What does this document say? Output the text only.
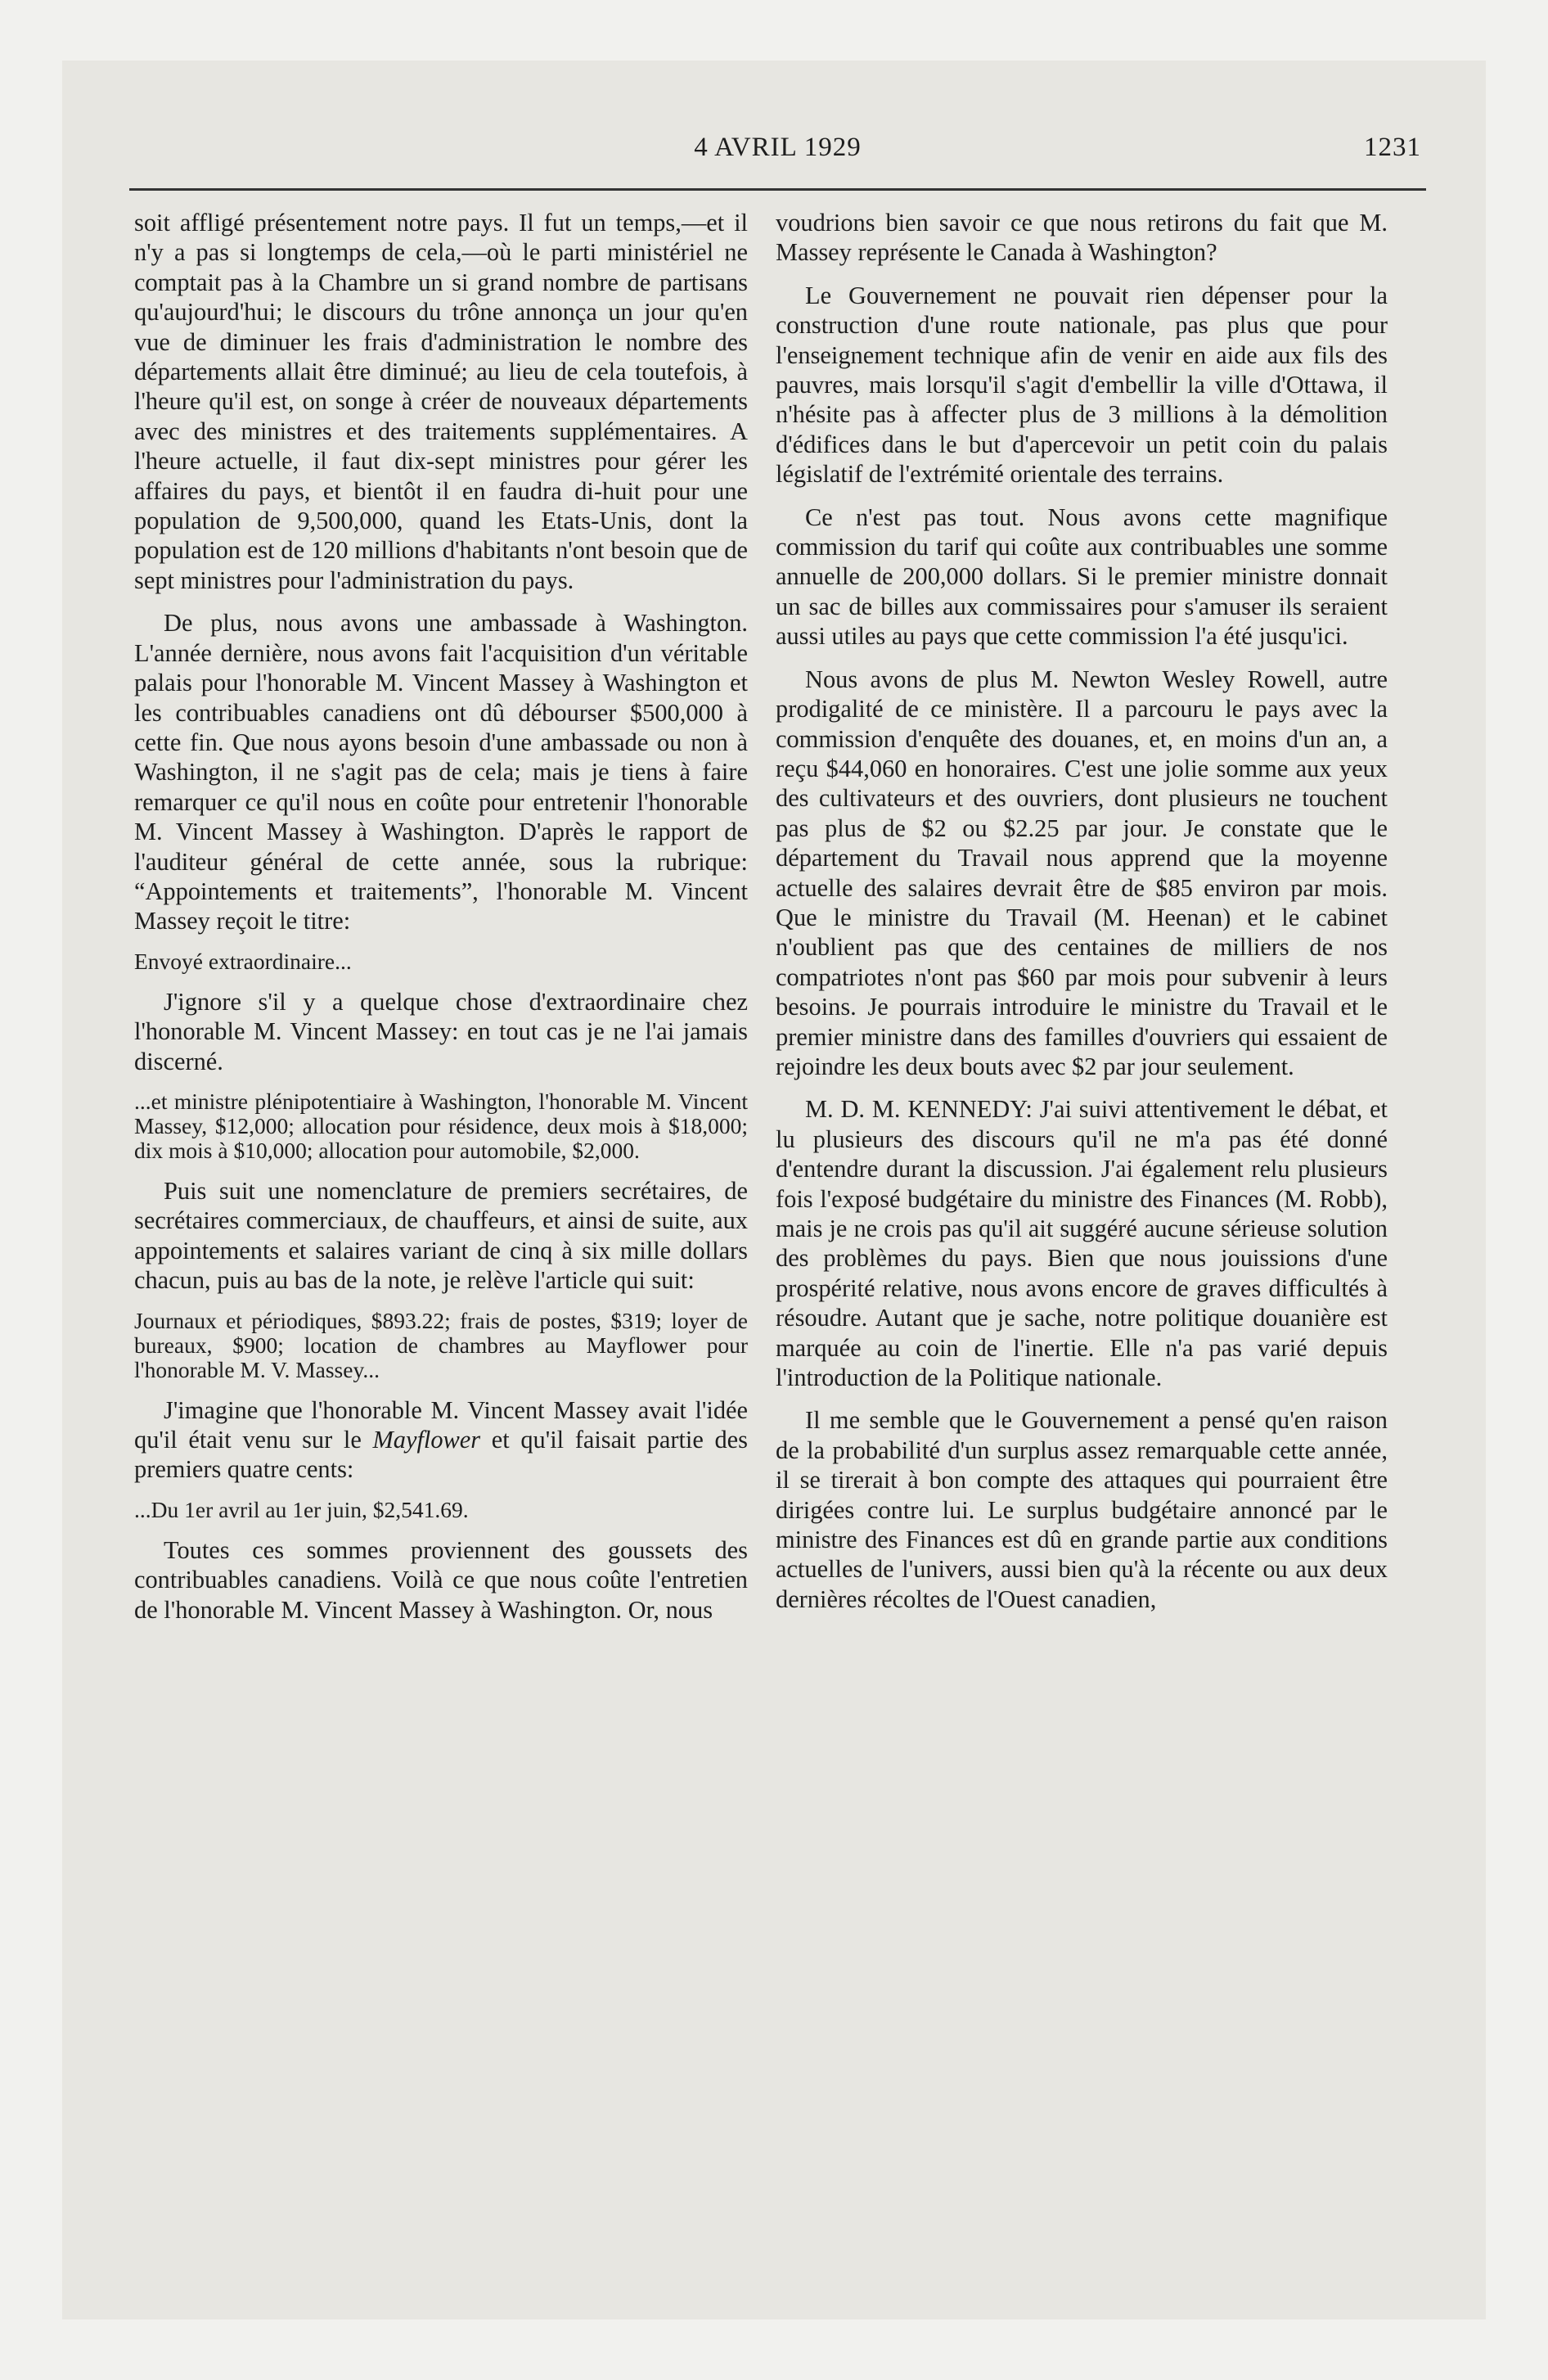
4 AVRIL 1929	1231

soit affligé présentement notre pays. Il fut un temps,—et il n'y a pas si longtemps de cela,—où le parti ministériel ne comptait pas à la Chambre un si grand nombre de partisans qu'aujourd'hui; le discours du trône annonça un jour qu'en vue de diminuer les frais d'administration le nombre des départements allait être diminué; au lieu de cela toutefois, à l'heure qu'il est, on songe à créer de nouveaux départements avec des ministres et des traitements supplémentaires. A l'heure actuelle, il faut dix-sept ministres pour gérer les affaires du pays, et bientôt il en faudra di-huit pour une population de 9,500,000, quand les Etats-Unis, dont la population est de 120 millions d'habitants n'ont besoin que de sept ministres pour l'administration du pays.

De plus, nous avons une ambassade à Washington. L'année dernière, nous avons fait l'acquisition d'un véritable palais pour l'honorable M. Vincent Massey à Washington et les contribuables canadiens ont dû débourser $500,000 à cette fin. Que nous ayons besoin d'une ambassade ou non à Washington, il ne s'agit pas de cela; mais je tiens à faire remarquer ce qu'il nous en coûte pour entretenir l'honorable M. Vincent Massey à Washington. D'après le rapport de l'auditeur général de cette année, sous la rubrique: “Appointements et traitements”, l'honorable M. Vincent Massey reçoit le titre:

Envoyé extraordinaire...

J'ignore s'il y a quelque chose d'extraordinaire chez l'honorable M. Vincent Massey: en tout cas je ne l'ai jamais discerné.

...et ministre plénipotentiaire à Washington, l'honorable M. Vincent Massey, $12,000; allocation pour résidence, deux mois à $18,000; dix mois à $10,000; allocation pour automobile, $2,000.

Puis suit une nomenclature de premiers secrétaires, de secrétaires commerciaux, de chauffeurs, et ainsi de suite, aux appointements et salaires variant de cinq à six mille dollars chacun, puis au bas de la note, je relève l'article qui suit:

Journaux et périodiques, $893.22; frais de postes, $319; loyer de bureaux, $900; location de chambres au Mayflower pour l'honorable M. V. Massey...

J'imagine que l'honorable M. Vincent Massey avait l'idée qu'il était venu sur le Mayflower et qu'il faisait partie des premiers quatre cents:

...Du 1er avril au 1er juin, $2,541.69.

Toutes ces sommes proviennent des goussets des contribuables canadiens. Voilà ce que nous coûte l'entretien de l'honorable M. Vincent Massey à Washington. Or, nous

voudrions bien savoir ce que nous retirons du fait que M. Massey représente le Canada à Washington?

Le Gouvernement ne pouvait rien dépenser pour la construction d'une route nationale, pas plus que pour l'enseignement technique afin de venir en aide aux fils des pauvres, mais lorsqu'il s'agit d'embellir la ville d'Ottawa, il n'hésite pas à affecter plus de 3 millions à la démolition d'édifices dans le but d'apercevoir un petit coin du palais législatif de l'extrémité orientale des terrains.

Ce n'est pas tout. Nous avons cette magnifique commission du tarif qui coûte aux contribuables une somme annuelle de 200,000 dollars. Si le premier ministre donnait un sac de billes aux commissaires pour s'amuser ils seraient aussi utiles au pays que cette commission l'a été jusqu'ici.

Nous avons de plus M. Newton Wesley Rowell, autre prodigalité de ce ministère. Il a parcouru le pays avec la commission d'enquête des douanes, et, en moins d'un an, a reçu $44,060 en honoraires. C'est une jolie somme aux yeux des cultivateurs et des ouvriers, dont plusieurs ne touchent pas plus de $2 ou $2.25 par jour. Je constate que le département du Travail nous apprend que la moyenne actuelle des salaires devrait être de $85 environ par mois. Que le ministre du Travail (M. Heenan) et le cabinet n'oublient pas que des centaines de milliers de nos compatriotes n'ont pas $60 par mois pour subvenir à leurs besoins. Je pourrais introduire le ministre du Travail et le premier ministre dans des familles d'ouvriers qui essaient de rejoindre les deux bouts avec $2 par jour seulement.

M. D. M. KENNEDY: J'ai suivi attentivement le débat, et lu plusieurs des discours qu'il ne m'a pas été donné d'entendre durant la discussion. J'ai également relu plusieurs fois l'exposé budgétaire du ministre des Finances (M. Robb), mais je ne crois pas qu'il ait suggéré aucune sérieuse solution des problèmes du pays. Bien que nous jouissions d'une prospérité relative, nous avons encore de graves difficultés à résoudre. Autant que je sache, notre politique douanière est marquée au coin de l'inertie. Elle n'a pas varié depuis l'introduction de la Politique nationale.

Il me semble que le Gouvernement a pensé qu'en raison de la probabilité d'un surplus assez remarquable cette année, il se tirerait à bon compte des attaques qui pourraient être dirigées contre lui. Le surplus budgétaire annoncé par le ministre des Finances est dû en grande partie aux conditions actuelles de l'univers, aussi bien qu'à la récente ou aux deux dernières récoltes de l'Ouest canadien,
